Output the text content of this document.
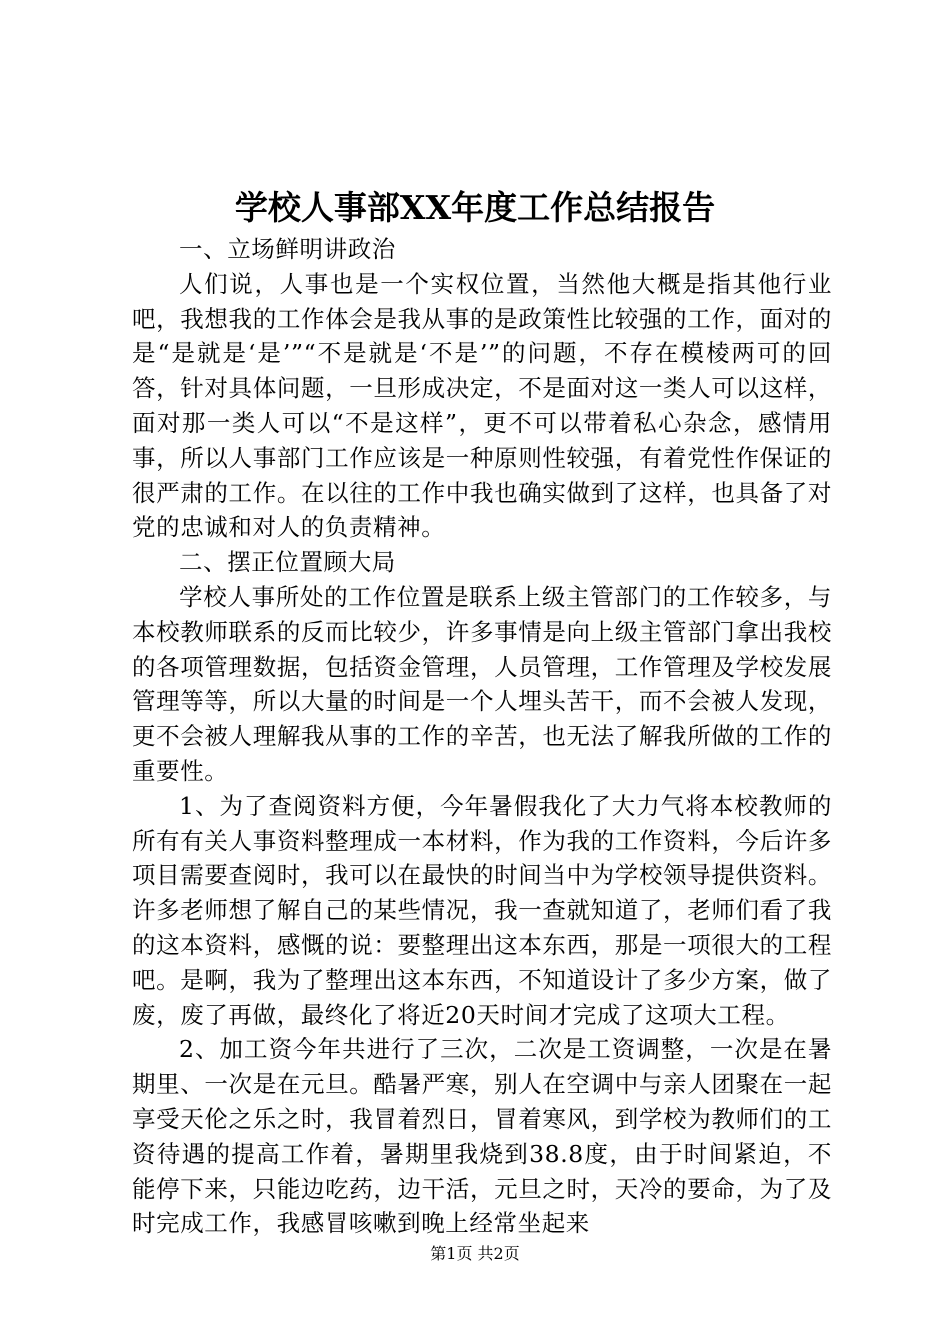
学校人事部XX年度工作总结报告

一、立场鲜明讲政治

人们说，人事也是一个实权位置，当然他大概是指其他行业吧，我想我的工作体会是我从事的是政策性比较强的工作，面对的是“是就是‘是’”“不是就是‘不是’”的问题，不存在模棱两可的回答，针对具体问题，一旦形成决定，不是面对这一类人可以这样，面对那一类人可以“不是这样”，更不可以带着私心杂念，感情用事，所以人事部门工作应该是一种原则性较强，有着党性作保证的很严肃的工作。在以往的工作中我也确实做到了这样，也具备了对党的忠诚和对人的负责精神。

二、摆正位置顾大局

学校人事所处的工作位置是联系上级主管部门的工作较多，与本校教师联系的反而比较少，许多事情是向上级主管部门拿出我校的各项管理数据，包括资金管理，人员管理，工作管理及学校发展管理等等，所以大量的时间是一个人埋头苦干，而不会被人发现，更不会被人理解我从事的工作的辛苦，也无法了解我所做的工作的重要性。

1、为了查阅资料方便，今年暑假我化了大力气将本校教师的所有有关人事资料整理成一本材料，作为我的工作资料，今后许多项目需要查阅时，我可以在最快的时间当中为学校领导提供资料。许多老师想了解自己的某些情况，我一查就知道了，老师们看了我的这本资料，感慨的说：要整理出这本东西，那是一项很大的工程吧。是啊，我为了整理出这本东西，不知道设计了多少方案，做了废，废了再做，最终化了将近20天时间才完成了这项大工程。

2、加工资今年共进行了三次，二次是工资调整，一次是在暑期里、一次是在元旦。酷暑严寒，别人在空调中与亲人团聚在一起享受天伦之乐之时，我冒着烈日，冒着寒风，到学校为教师们的工资待遇的提高工作着，暑期里我烧到38.8度，由于时间紧迫，不能停下来，只能边吃药，边干活，元旦之时，天冷的要命，为了及时完成工作，我感冒咳嗽到晚上经常坐起来

第1页 共2页
